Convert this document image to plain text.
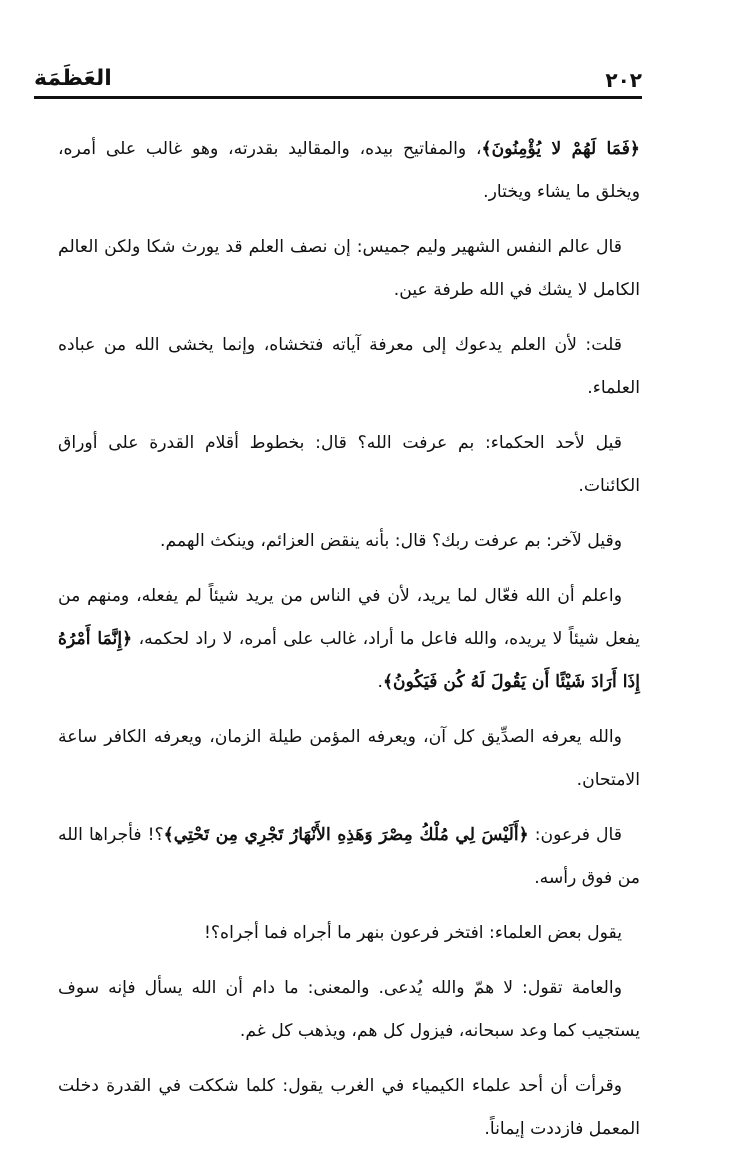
٢٠٢
العَظَمَة

﴿فَمَا لَهُمْ لا يُؤْمِنُونَ﴾، والمفاتيح بيده، والمقاليد بقدرته، وهو غالب على أمره، ويخلق ما يشاء ويختار.

قال عالم النفس الشهير وليم جميس: إن نصف العلم قد يورث شكا ولكن العالم الكامل لا يشك في الله طرفة عين.

قلت: لأن العلم يدعوك إلى معرفة آياته فتخشاه، وإنما يخشى الله من عباده العلماء.

قيل لأحد الحكماء: بم عرفت الله؟ قال: بخطوط أقلام القدرة على أوراق الكائنات.

وقيل لآخر: بم عرفت ربك؟ قال: بأنه ينقض العزائم، وينكث الهمم.

واعلم أن الله فعّال لما يريد، لأن في الناس من يريد شيئاً لم يفعله، ومنهم من يفعل شيئاً لا يريده، والله فاعل ما أراد، غالب على أمره، لا راد لحكمه، ﴿إِنَّمَا أَمْرُهُ إِذَا أَرَادَ شَيْئًا أَن يَقُولَ لَهُ كُن فَيَكُونُ﴾.

والله يعرفه الصدِّيق كل آن، ويعرفه المؤمن طيلة الزمان، ويعرفه الكافر ساعة الامتحان.

قال فرعون: ﴿أَلَيْسَ لِي مُلْكُ مِصْرَ وَهَذِهِ الأَنْهَارُ تَجْرِي مِن تَحْتِي﴾؟! فأجراها الله من فوق رأسه.

يقول بعض العلماء: افتخر فرعون بنهر ما أجراه فما أجراه؟!

والعامة تقول: لا همّ والله يُدعى. والمعنى: ما دام أن الله يسأل فإنه سوف يستجيب كما وعد سبحانه، فيزول كل هم، ويذهب كل غم.

وقرأت أن أحد علماء الكيمياء في الغرب يقول: كلما شككت في القدرة دخلت المعمل فازددت إيماناً.
